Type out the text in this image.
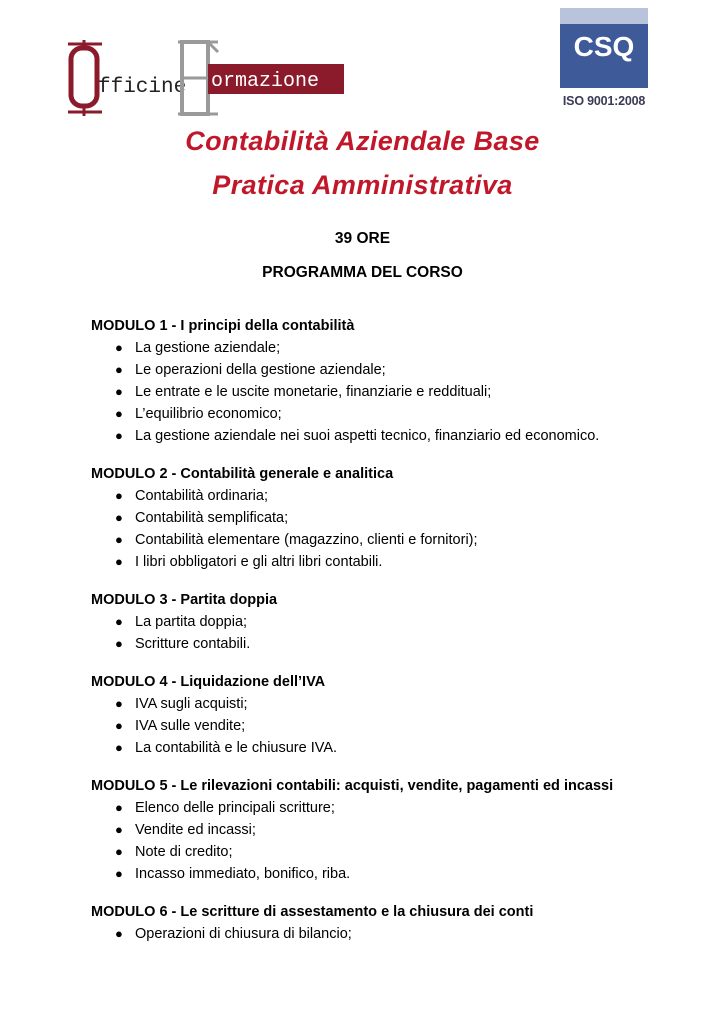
fficine ormazione
CSQ
ISO 9001:2008
Contabilità Aziendale Base
Pratica Amministrativa
39 ORE
PROGRAMMA DEL CORSO
MODULO 1 - I principi della contabilità
● La gestione aziendale;
● Le operazioni della gestione aziendale;
● Le entrate e le uscite monetarie, finanziarie e reddituali;
● L’equilibrio economico;
● La gestione aziendale nei suoi aspetti tecnico, finanziario ed economico.
MODULO 2 - Contabilità generale e analitica
● Contabilità ordinaria;
● Contabilità semplificata;
● Contabilità elementare (magazzino, clienti e fornitori);
● I libri obbligatori e gli altri libri contabili.
MODULO 3 - Partita doppia
● La partita doppia;
● Scritture contabili.
MODULO 4 - Liquidazione dell’IVA
● IVA sugli acquisti;
● IVA sulle vendite;
● La contabilità e le chiusure IVA.
MODULO 5 - Le rilevazioni contabili: acquisti, vendite, pagamenti ed incassi
● Elenco delle principali scritture;
● Vendite ed incassi;
● Note di credito;
● Incasso immediato, bonifico, riba.
MODULO 6 - Le scritture di assestamento e la chiusura dei conti
● Operazioni di chiusura di bilancio;
